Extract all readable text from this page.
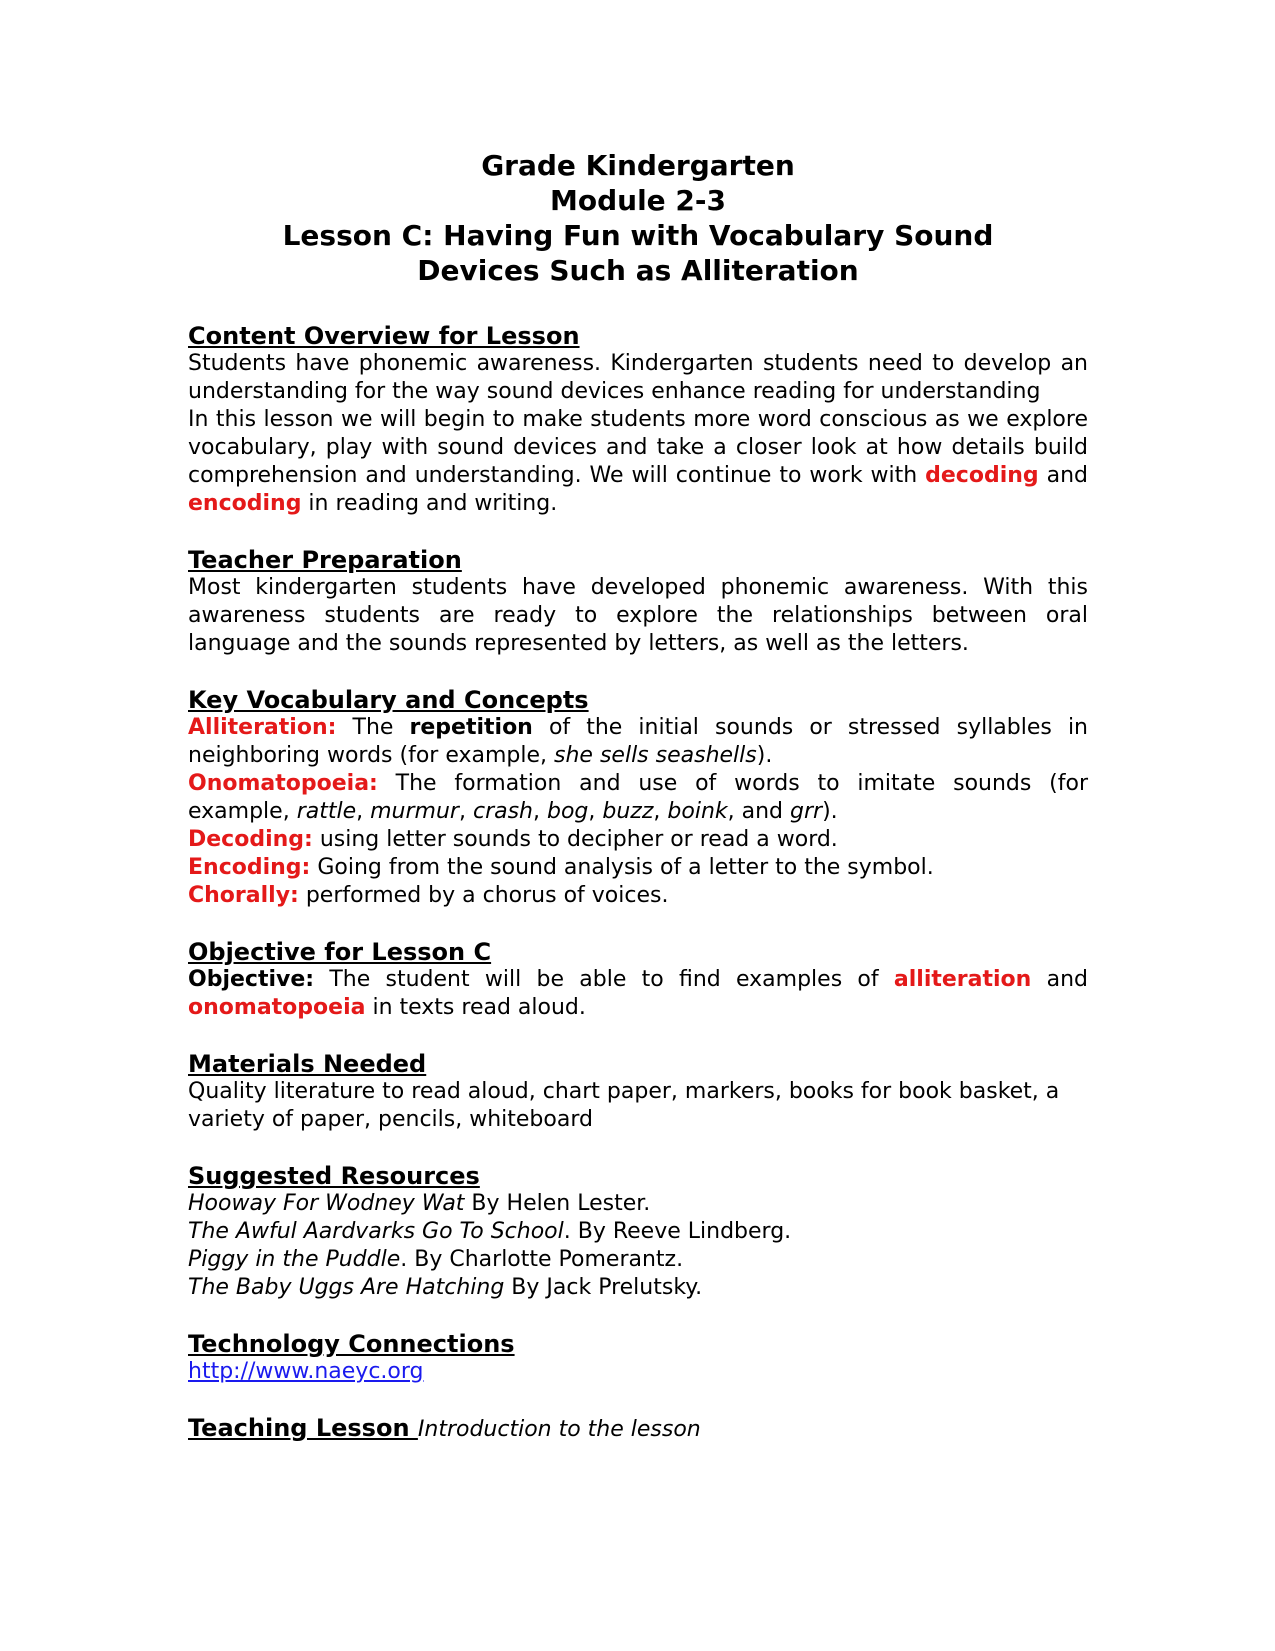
Grade Kindergarten
Module 2-3
Lesson C: Having Fun with Vocabulary Sound
Devices Such as Alliteration

Content Overview for Lesson

Students have phonemic awareness. Kindergarten students need to develop an understanding for the way sound devices enhance reading for understanding

In this lesson we will begin to make students more word conscious as we explore vocabulary, play with sound devices and take a closer look at how details build comprehension and understanding. We will continue to work with decoding and encoding in reading and writing.

Teacher Preparation

Most kindergarten students have developed phonemic awareness. With this awareness students are ready to explore the relationships between oral language and the sounds represented by letters, as well as the letters.

Key Vocabulary and Concepts

Alliteration: The repetition of the initial sounds or stressed syllables in neighboring words (for example, she sells seashells).

Onomatopoeia: The formation and use of words to imitate sounds (for example, rattle, murmur, crash, bog, buzz, boink, and grr).

Decoding: using letter sounds to decipher or read a word.

Encoding: Going from the sound analysis of a letter to the symbol.

Chorally: performed by a chorus of voices.

Objective for Lesson C

Objective: The student will be able to find examples of alliteration and onomatopoeia in texts read aloud.

Materials Needed

Quality literature to read aloud, chart paper, markers, books for book basket, a variety of paper, pencils, whiteboard

Suggested Resources

Hooway For Wodney Wat By Helen Lester.

The Awful Aardvarks Go To School. By Reeve Lindberg.

Piggy in the Puddle. By Charlotte Pomerantz.

The Baby Uggs Are Hatching By Jack Prelutsky.

Technology Connections

http://www.naeyc.org

Teaching Lesson Introduction to the lesson
